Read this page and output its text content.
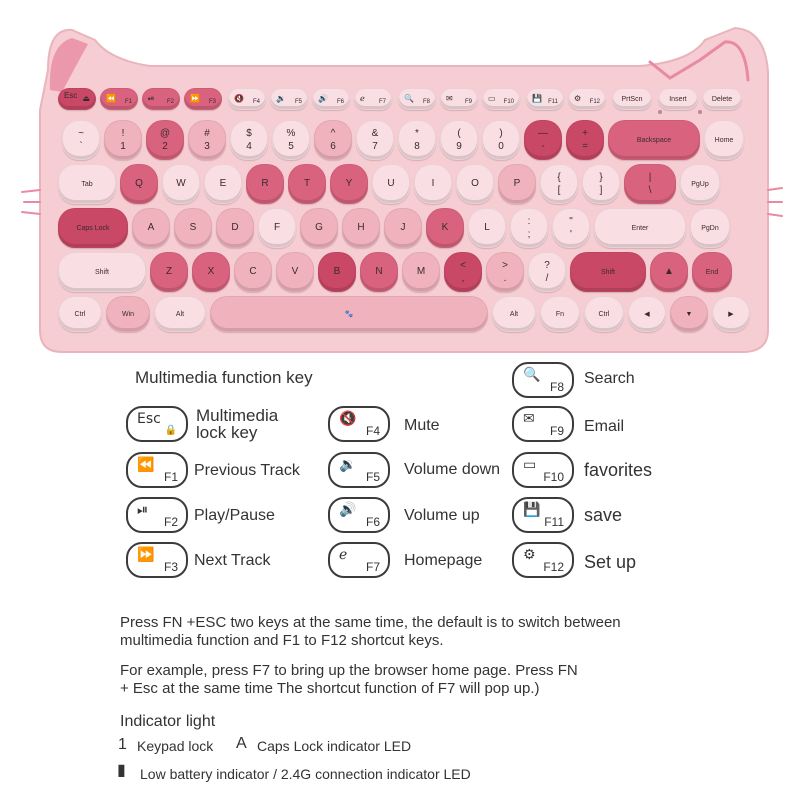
Esc ⏏ ⏪ F1 ⏯ F2 ⏩ F3 🔇 F4 🔉 F5 🔊 F6 ℯ F7 🔍 F8 ✉ F9 ▭ F10 💾 F11 ⚙ F12	PrtScn	Insert	Delete
~
`
!
1
@
2
#
3
$
4
%
5
^
6
&
7
*
8
(
9
)
0
—
-
+
=
Backspace	Home
Tab	Q	W	E	R	T	Y	U	I	O	P
{
[
}
]
|
\
PgUp
Caps Lock	A	S	D	F	G	H	J	K	L
:
;
"
'
Enter	PgDn
Shift	Z	X	C	V	B	N	M
<
,
>
.
?
/
Shift	▲	End
Ctrl	Win	Alt	🐾	Alt	Fn	Ctrl	◀	▼	▶
Multimedia function key
Esc
🔒
Multimedia lock key
⏪
F1 Previous Track
⏯
F2 Play/Pause
⏩
F3 Next Track
🔇
F4 Mute
🔉
F5 Volume down
🔊
F6 Volume up
ℯ
F7 Homepage
🔍
F8 Search
✉
F9 Email
▭
F10 favorites
💾
F11 save
⚙
F12 Set up
Press FN +ESC two keys at the same time, the default is to switch between
multimedia function and F1 to F12 shortcut keys.
For example, press F7 to bring up the browser home page. Press FN
+ Esc at the same time The shortcut function of F7 will pop up.)
Indicator light
1 Keypad lock A Caps Lock indicator LED
▮ Low battery indicator / 2.4G connection indicator LED
